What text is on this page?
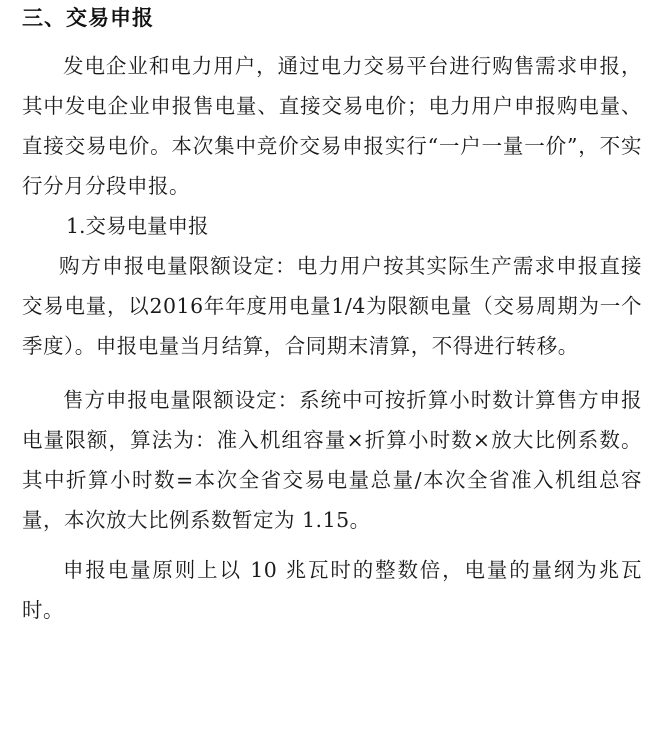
三、交易申报

发电企业和电力用户，通过电力交易平台进行购售需求申报，其中发电企业申报售电量、直接交易电价；电力用户申报购电量、直接交易电价。本次集中竞价交易申报实行“一户一量一价”，不实行分月分段申报。

1.交易电量申报

购方申报电量限额设定：电力用户按其实际生产需求申报直接交易电量，以2016年年度用电量1/4为限额电量（交易周期为一个季度）。申报电量当月结算，合同期末清算，不得进行转移。

售方申报电量限额设定：系统中可按折算小时数计算售方申报电量限额，算法为：准入机组容量×折算小时数×放大比例系数。其中折算小时数=本次全省交易电量总量/本次全省准入机组总容量，本次放大比例系数暂定为 1.15。

申报电量原则上以 10 兆瓦时的整数倍，电量的量纲为兆瓦时。
